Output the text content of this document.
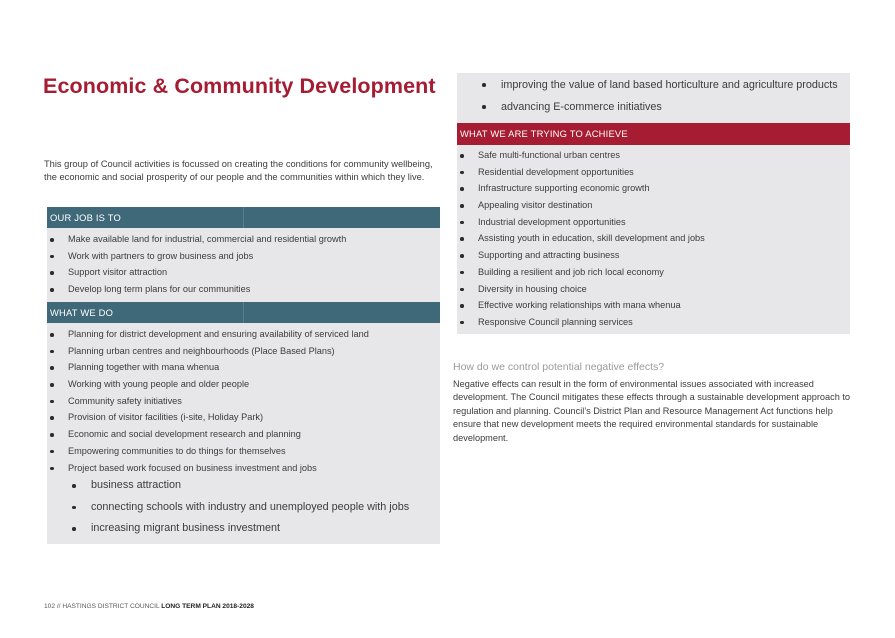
Economic & Community Development
This group of Council activities is focussed on creating the conditions for community wellbeing, the economic and social prosperity of our people and the communities within which they live.
OUR JOB IS TO
Make available land for industrial, commercial and residential growth
Work with partners to grow business and jobs
Support visitor attraction
Develop long term plans for our communities
WHAT WE DO
Planning for district development and ensuring availability of serviced land
Planning urban centres and neighbourhoods (Place Based Plans)
Planning together with mana whenua
Working with young people and older people
Community safety initiatives
Provision of visitor facilities (i-site, Holiday Park)
Economic and social development research and planning
Empowering communities to do things for themselves
Project based work focused on business investment and jobs
business attraction
connecting schools with industry and unemployed people with jobs
increasing migrant business investment
improving the value of land based horticulture and agriculture products
advancing E-commerce initiatives
WHAT WE ARE TRYING TO ACHIEVE
Safe multi-functional urban centres
Residential development opportunities
Infrastructure supporting economic growth
Appealing visitor destination
Industrial development opportunities
Assisting youth in education, skill development and jobs
Supporting and attracting business
Building a resilient and job rich local economy
Diversity in housing choice
Effective working relationships with mana whenua
Responsive Council planning services
How do we control potential negative effects?
Negative effects can result in the form of environmental issues associated with increased development. The Council mitigates these effects through a sustainable development approach to regulation and planning. Council’s District Plan and Resource Management Act functions help ensure that new development meets the required environmental standards for sustainable development.
102 // HASTINGS DISTRICT COUNCIL LONG TERM PLAN 2018-2028
